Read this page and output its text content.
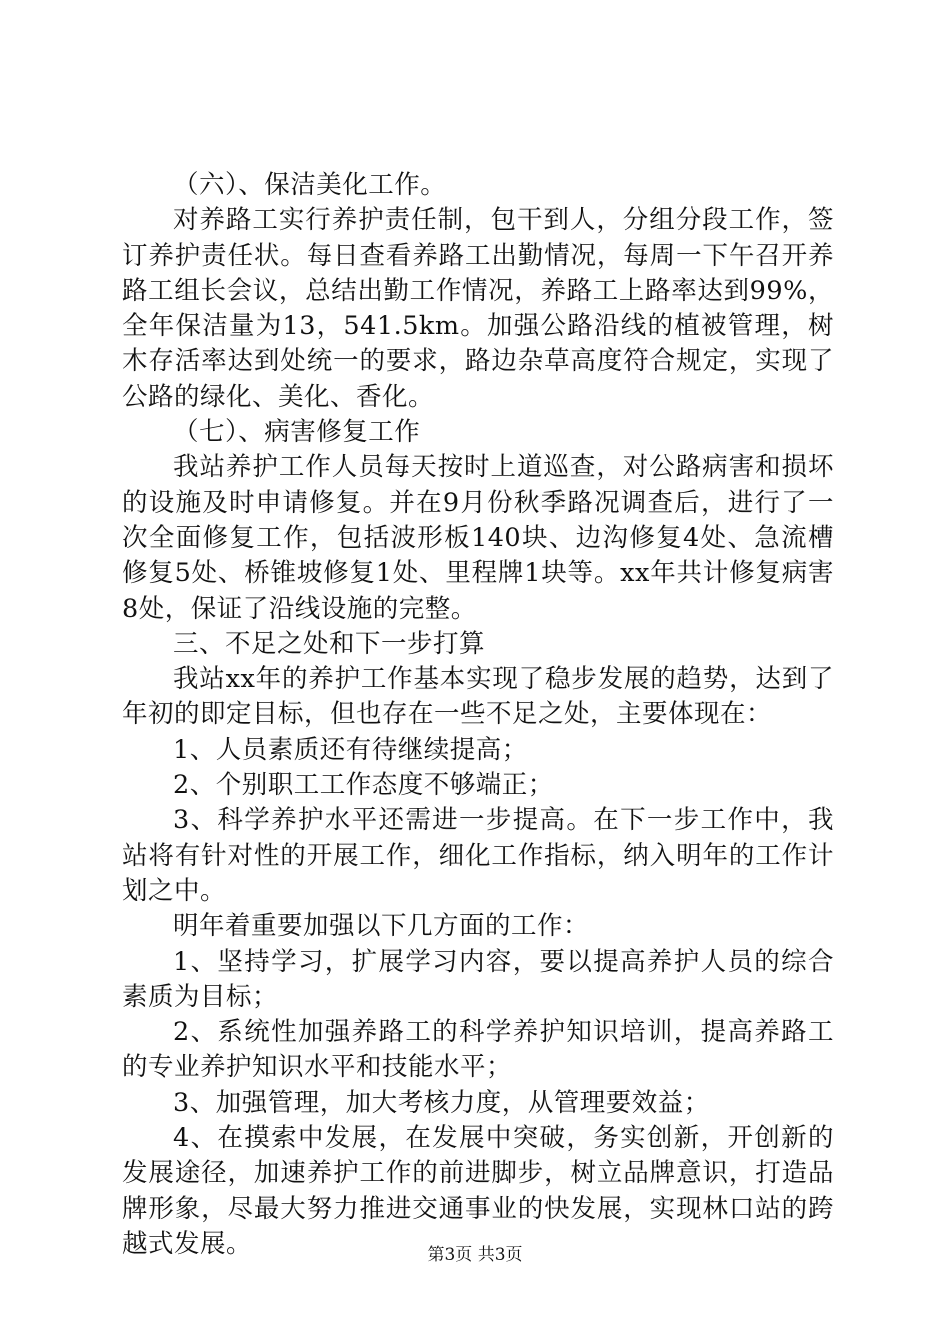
（六）、保洁美化工作。

对养路工实行养护责任制，包干到人，分组分段工作，签订养护责任状。每日查看养路工出勤情况，每周一下午召开养路工组长会议，总结出勤工作情况，养路工上路率达到99%，全年保洁量为13，541.5km。加强公路沿线的植被管理，树木存活率达到处统一的要求，路边杂草高度符合规定，实现了公路的绿化、美化、香化。

（七）、病害修复工作

我站养护工作人员每天按时上道巡查，对公路病害和损坏的设施及时申请修复。并在9月份秋季路况调查后，进行了一次全面修复工作，包括波形板140块、边沟修复4处、急流槽修复5处、桥锥坡修复1处、里程牌1块等。xx年共计修复病害8处，保证了沿线设施的完整。

三、不足之处和下一步打算

我站xx年的养护工作基本实现了稳步发展的趋势，达到了年初的即定目标，但也存在一些不足之处，主要体现在：

1、人员素质还有待继续提高；

2、个别职工工作态度不够端正；

3、科学养护水平还需进一步提高。在下一步工作中，我站将有针对性的开展工作，细化工作指标，纳入明年的工作计划之中。

明年着重要加强以下几方面的工作：

1、坚持学习，扩展学习内容，要以提高养护人员的综合素质为目标；

2、系统性加强养路工的科学养护知识培训，提高养路工的专业养护知识水平和技能水平；

3、加强管理，加大考核力度，从管理要效益；

4、在摸索中发展，在发展中突破，务实创新，开创新的发展途径，加速养护工作的前进脚步，树立品牌意识，打造品牌形象，尽最大努力推进交通事业的快发展，实现林口站的跨越式发展。	第3页 共3页
